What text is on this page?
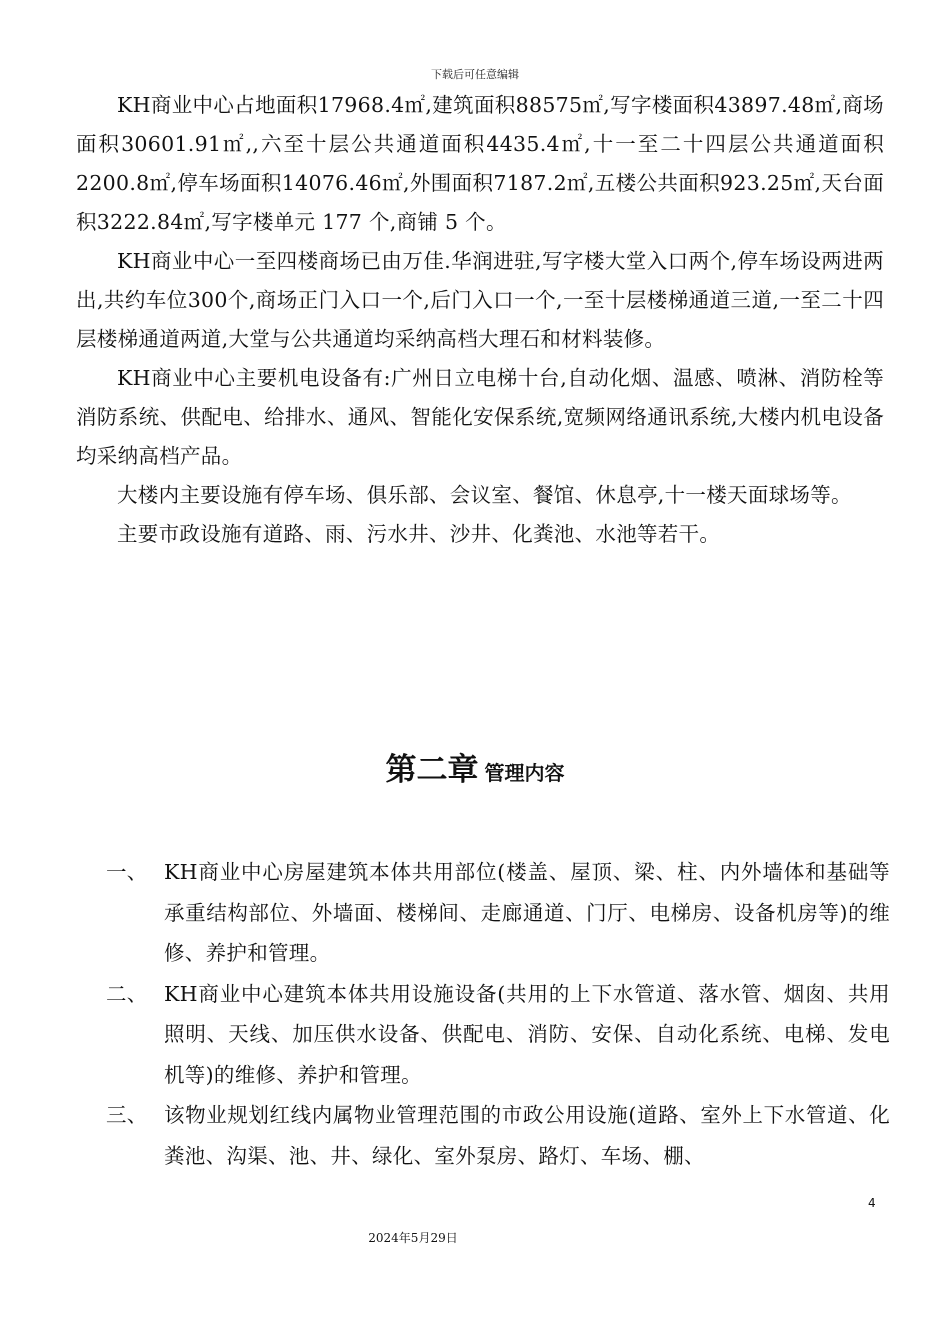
下载后可任意编辑

KH商业中心占地面积17968.4㎡,建筑面积88575㎡,写字楼面积43897.48㎡,商场面积30601.91㎡,,六至十层公共通道面积4435.4㎡,十一至二十四层公共通道面积2200.8㎡,停车场面积14076.46㎡,外围面积7187.2㎡,五楼公共面积923.25㎡,天台面积3222.84㎡,写字楼单元 177 个,商铺 5 个。

KH商业中心一至四楼商场已由万佳.华润进驻,写字楼大堂入口两个,停车场设两进两出,共约车位300个,商场正门入口一个,后门入口一个,一至十层楼梯通道三道,一至二十四层楼梯通道两道,大堂与公共通道均采纳高档大理石和材料装修。

KH商业中心主要机电设备有:广州日立电梯十台,自动化烟、温感、喷淋、消防栓等消防系统、供配电、给排水、通风、智能化安保系统,宽频网络通讯系统,大楼内机电设备均采纳高档产品。

大楼内主要设施有停车场、俱乐部、会议室、餐馆、休息亭,十一楼天面球场等。

主要市政设施有道路、雨、污水井、沙井、化粪池、水池等若干。

第二章 管理内容
一、 KH商业中心房屋建筑本体共用部位(楼盖、屋顶、梁、柱、内外墙体和基础等承重结构部位、外墙面、楼梯间、走廊通道、门厅、电梯房、设备机房等)的维修、养护和管理。
二、 KH商业中心建筑本体共用设施设备(共用的上下水管道、落水管、烟囱、共用照明、天线、加压供水设备、供配电、消防、安保、自动化系统、电梯、发电机等)的维修、养护和管理。
三、 该物业规划红线内属物业管理范围的市政公用设施(道路、室外上下水管道、化粪池、沟渠、池、井、绿化、室外泵房、路灯、车场、棚、
4
2024年5月29日
